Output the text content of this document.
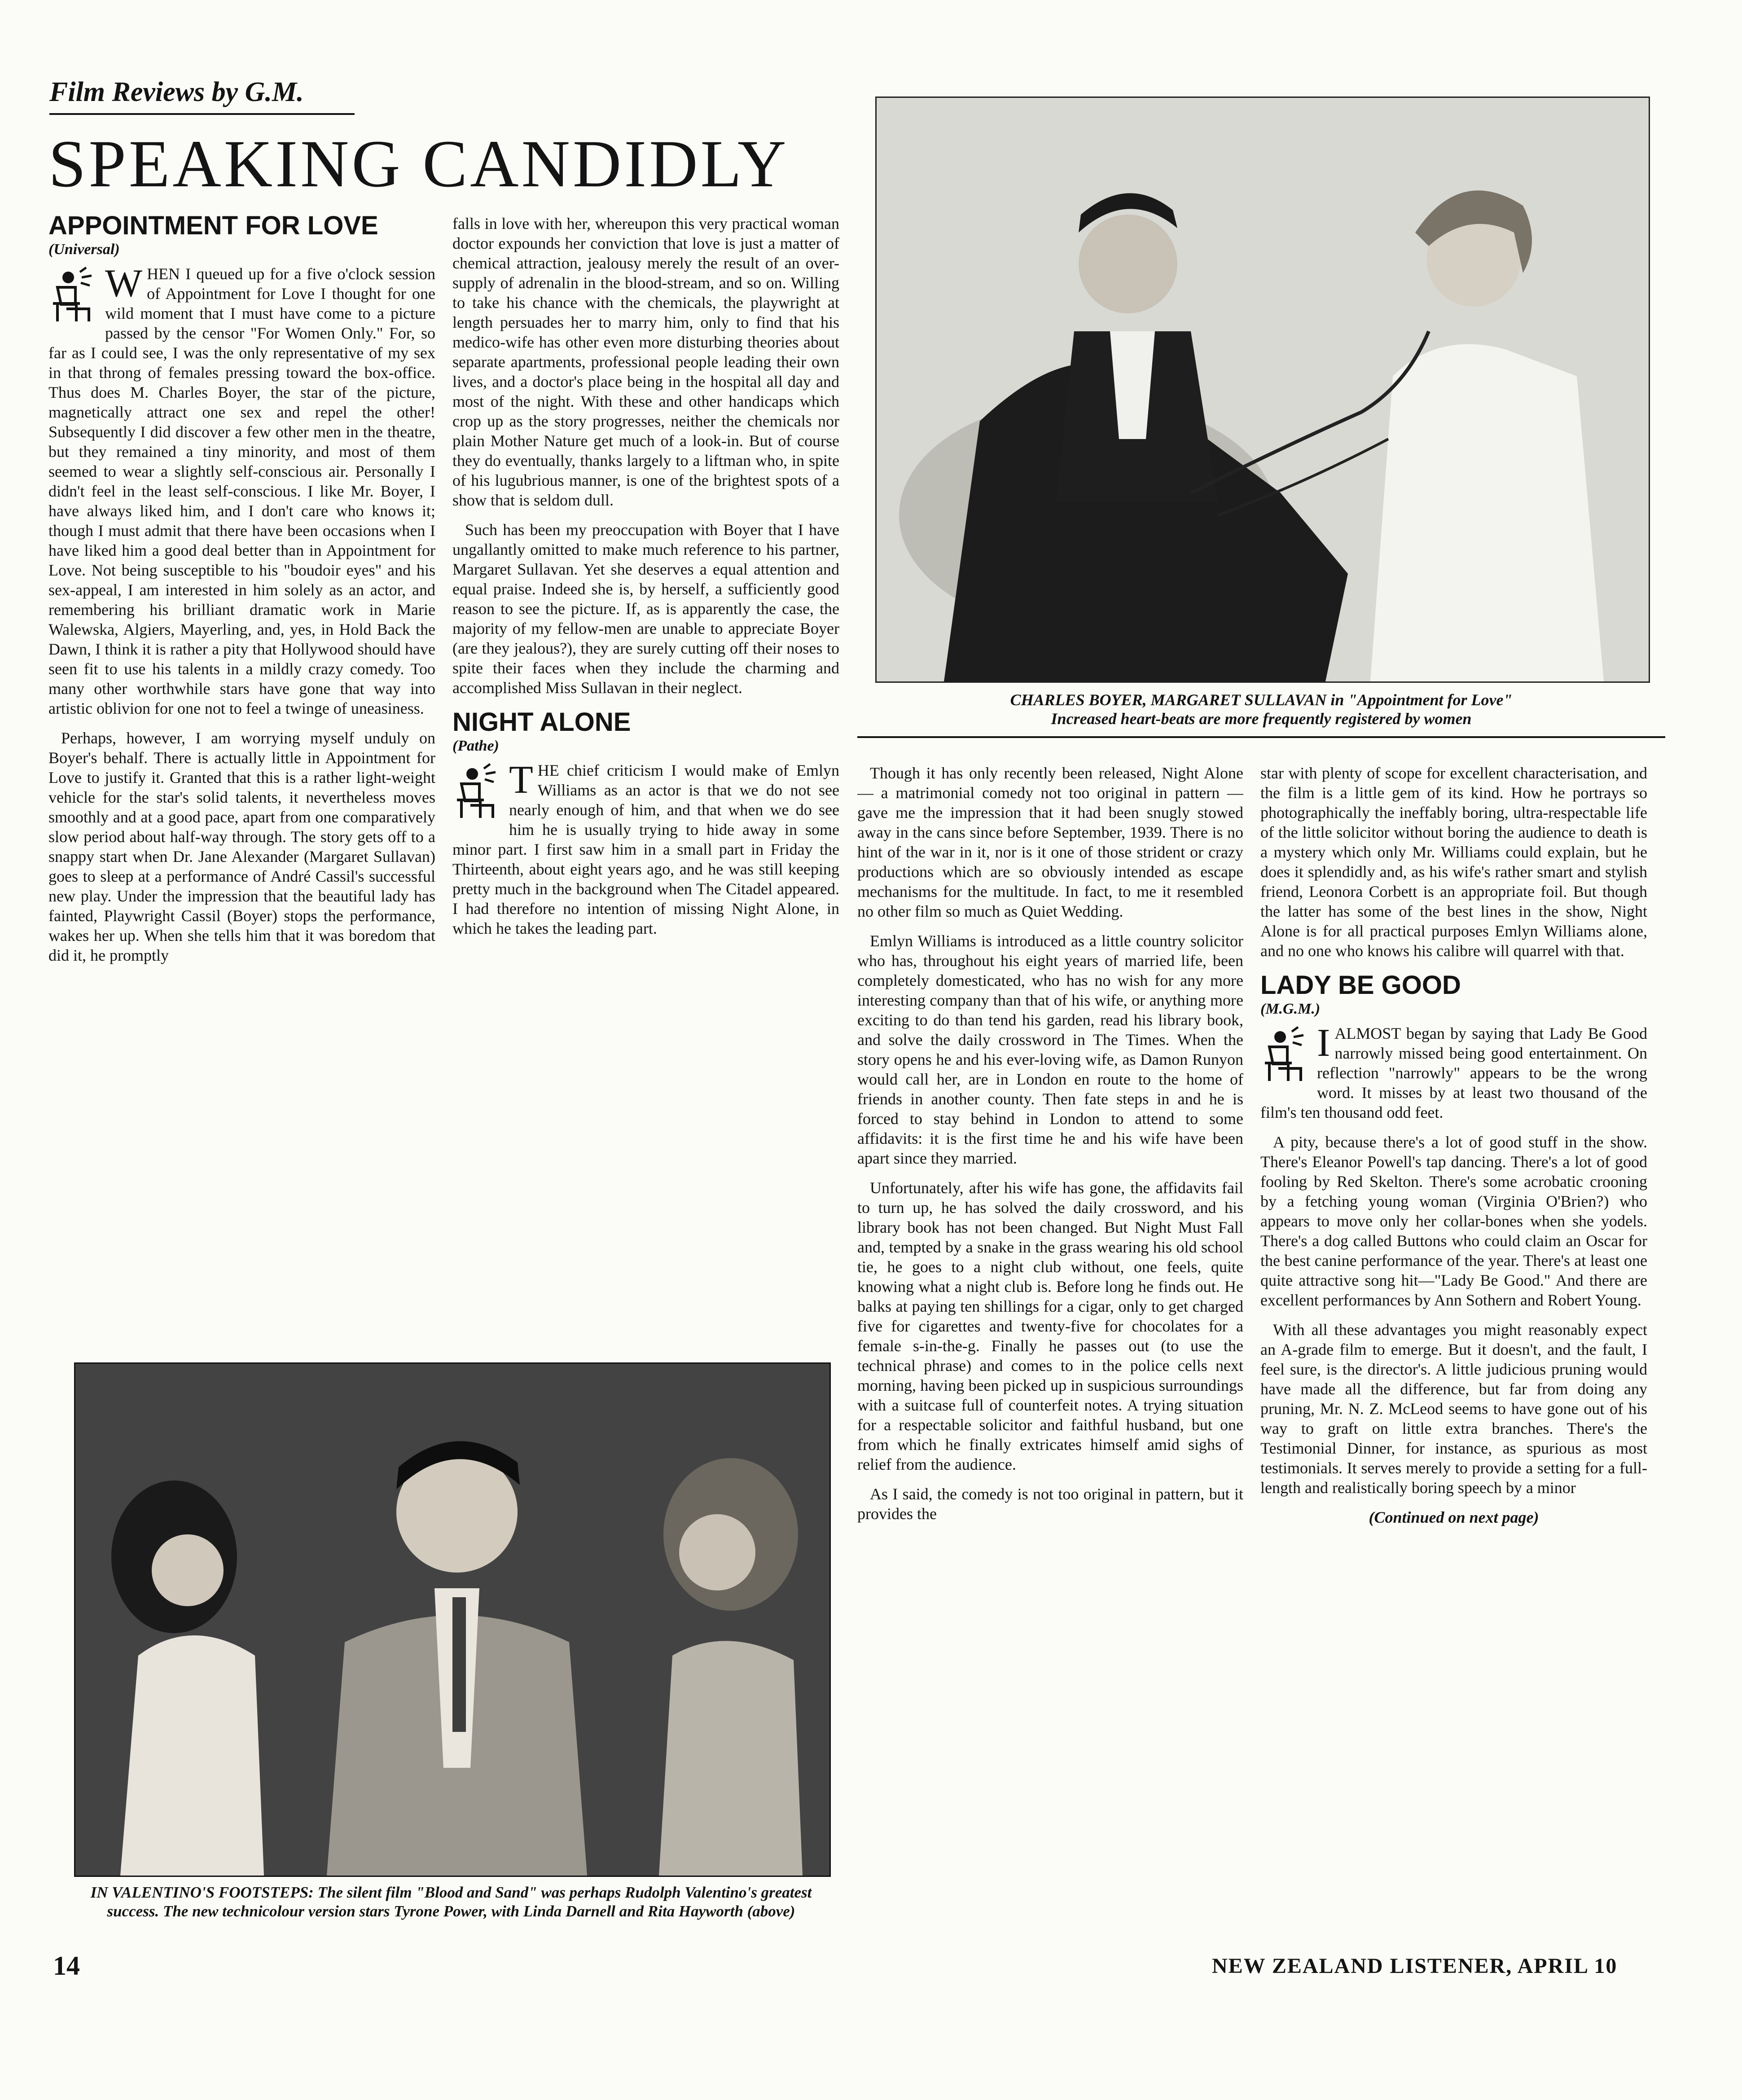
Film Reviews by G.M.
SPEAKING CANDIDLY
APPOINTMENT FOR LOVE
(Universal)

WHEN I queued up for a five o'clock session of Appointment for Love I thought for one wild moment that I must have come to a picture passed by the censor "For Women Only." For, so far as I could see, I was the only representative of my sex in that throng of females pressing toward the box-office. Thus does M. Charles Boyer, the star of the picture, magnetically attract one sex and repel the other! Subsequently I did discover a few other men in the theatre, but they remained a tiny minority, and most of them seemed to wear a slightly self-conscious air. Personally I didn't feel in the least self-conscious. I like Mr. Boyer, I have always liked him, and I don't care who knows it; though I must admit that there have been occasions when I have liked him a good deal better than in Appointment for Love. Not being susceptible to his "boudoir eyes" and his sex-appeal, I am interested in him solely as an actor, and remembering his brilliant dramatic work in Marie Walewska, Algiers, Mayerling, and, yes, in Hold Back the Dawn, I think it is rather a pity that Hollywood should have seen fit to use his talents in a mildly crazy comedy. Too many other worthwhile stars have gone that way into artistic oblivion for one not to feel a twinge of uneasiness.

Perhaps, however, I am worrying myself unduly on Boyer's behalf. There is actually little in Appointment for Love to justify it. Granted that this is a rather light-weight vehicle for the star's solid talents, it nevertheless moves smoothly and at a good pace, apart from one comparatively slow period about half-way through. The story gets off to a snappy start when Dr. Jane Alexander (Margaret Sullavan) goes to sleep at a performance of André Cassil's successful new play. Under the impression that the beautiful lady has fainted, Playwright Cassil (Boyer) stops the performance, wakes her up. When she tells him that it was boredom that did it, he promptly

falls in love with her, whereupon this very practical woman doctor expounds her conviction that love is just a matter of chemical attraction, jealousy merely the result of an over-supply of adrenalin in the blood-stream, and so on. Willing to take his chance with the chemicals, the playwright at length persuades her to marry him, only to find that his medico-wife has other even more disturbing theories about separate apartments, professional people leading their own lives, and a doctor's place being in the hospital all day and most of the night. With these and other handicaps which crop up as the story progresses, neither the chemicals nor plain Mother Nature get much of a look-in. But of course they do eventually, thanks largely to a liftman who, in spite of his lugubrious manner, is one of the brightest spots of a show that is seldom dull.

Such has been my preoccupation with Boyer that I have ungallantly omitted to make much reference to his partner, Margaret Sullavan. Yet she deserves a equal attention and equal praise. Indeed she is, by herself, a sufficiently good reason to see the picture. If, as is apparently the case, the majority of my fellow-men are unable to appreciate Boyer (are they jealous?), they are surely cutting off their noses to spite their faces when they include the charming and accomplished Miss Sullavan in their neglect.

NIGHT ALONE
(Pathe)

THE chief criticism I would make of Emlyn Williams as an actor is that we do not see nearly enough of him, and that when we do see him he is usually trying to hide away in some minor part. I first saw him in a small part in Friday the Thirteenth, about eight years ago, and he was still keeping pretty much in the background when The Citadel appeared. I had therefore no intention of missing Night Alone, in which he takes the leading part.

CHARLES BOYER, MARGARET SULLAVAN in "Appointment for Love"
Increased heart-beats are more frequently registered by women

Though it has only recently been released, Night Alone — a matrimonial comedy not too original in pattern — gave me the impression that it had been snugly stowed away in the cans since before September, 1939. There is no hint of the war in it, nor is it one of those strident or crazy productions which are so obviously intended as escape mechanisms for the multitude. In fact, to me it resembled no other film so much as Quiet Wedding.

Emlyn Williams is introduced as a little country solicitor who has, throughout his eight years of married life, been completely domesticated, who has no wish for any more interesting company than that of his wife, or anything more exciting to do than tend his garden, read his library book, and solve the daily crossword in The Times. When the story opens he and his ever-loving wife, as Damon Runyon would call her, are in London en route to the home of friends in another county. Then fate steps in and he is forced to stay behind in London to attend to some affidavits: it is the first time he and his wife have been apart since they married.

Unfortunately, after his wife has gone, the affidavits fail to turn up, he has solved the daily crossword, and his library book has not been changed. But Night Must Fall and, tempted by a snake in the grass wearing his old school tie, he goes to a night club without, one feels, quite knowing what a night club is. Before long he finds out. He balks at paying ten shillings for a cigar, only to get charged five for cigarettes and twenty-five for chocolates for a female s-in-the-g. Finally he passes out (to use the technical phrase) and comes to in the police cells next morning, having been picked up in suspicious surroundings with a suitcase full of counterfeit notes. A trying situation for a respectable solicitor and faithful husband, but one from which he finally extricates himself amid sighs of relief from the audience.

As I said, the comedy is not too original in pattern, but it provides the

star with plenty of scope for excellent characterisation, and the film is a little gem of its kind. How he portrays so photographically the ineffably boring, ultra-respectable life of the little solicitor without boring the audience to death is a mystery which only Mr. Williams could explain, but he does it splendidly and, as his wife's rather smart and stylish friend, Leonora Corbett is an appropriate foil. But though the latter has some of the best lines in the show, Night Alone is for all practical purposes Emlyn Williams alone, and no one who knows his calibre will quarrel with that.

LADY BE GOOD
(M.G.M.)

IALMOST began by saying that Lady Be Good narrowly missed being good entertainment. On reflection "narrowly" appears to be the wrong word. It misses by at least two thousand of the film's ten thousand odd feet.

A pity, because there's a lot of good stuff in the show. There's Eleanor Powell's tap dancing. There's a lot of good fooling by Red Skelton. There's some acrobatic crooning by a fetching young woman (Virginia O'Brien?) who appears to move only her collar-bones when she yodels. There's a dog called Buttons who could claim an Oscar for the best canine performance of the year. There's at least one quite attractive song hit—"Lady Be Good." And there are excellent performances by Ann Sothern and Robert Young.

With all these advantages you might reasonably expect an A-grade film to emerge. But it doesn't, and the fault, I feel sure, is the director's. A little judicious pruning would have made all the difference, but far from doing any pruning, Mr. N. Z. McLeod seems to have gone out of his way to graft on little extra branches. There's the Testimonial Dinner, for instance, as spurious as most testimonials. It serves merely to provide a setting for a full-length and realistically boring speech by a minor

(Continued on next page)
IN VALENTINO'S FOOTSTEPS: The silent film "Blood and Sand" was perhaps Rudolph Valentino's greatest success. The new technicolour version stars Tyrone Power, with Linda Darnell and Rita Hayworth (above)
14	NEW ZEALAND LISTENER, APRIL 10
